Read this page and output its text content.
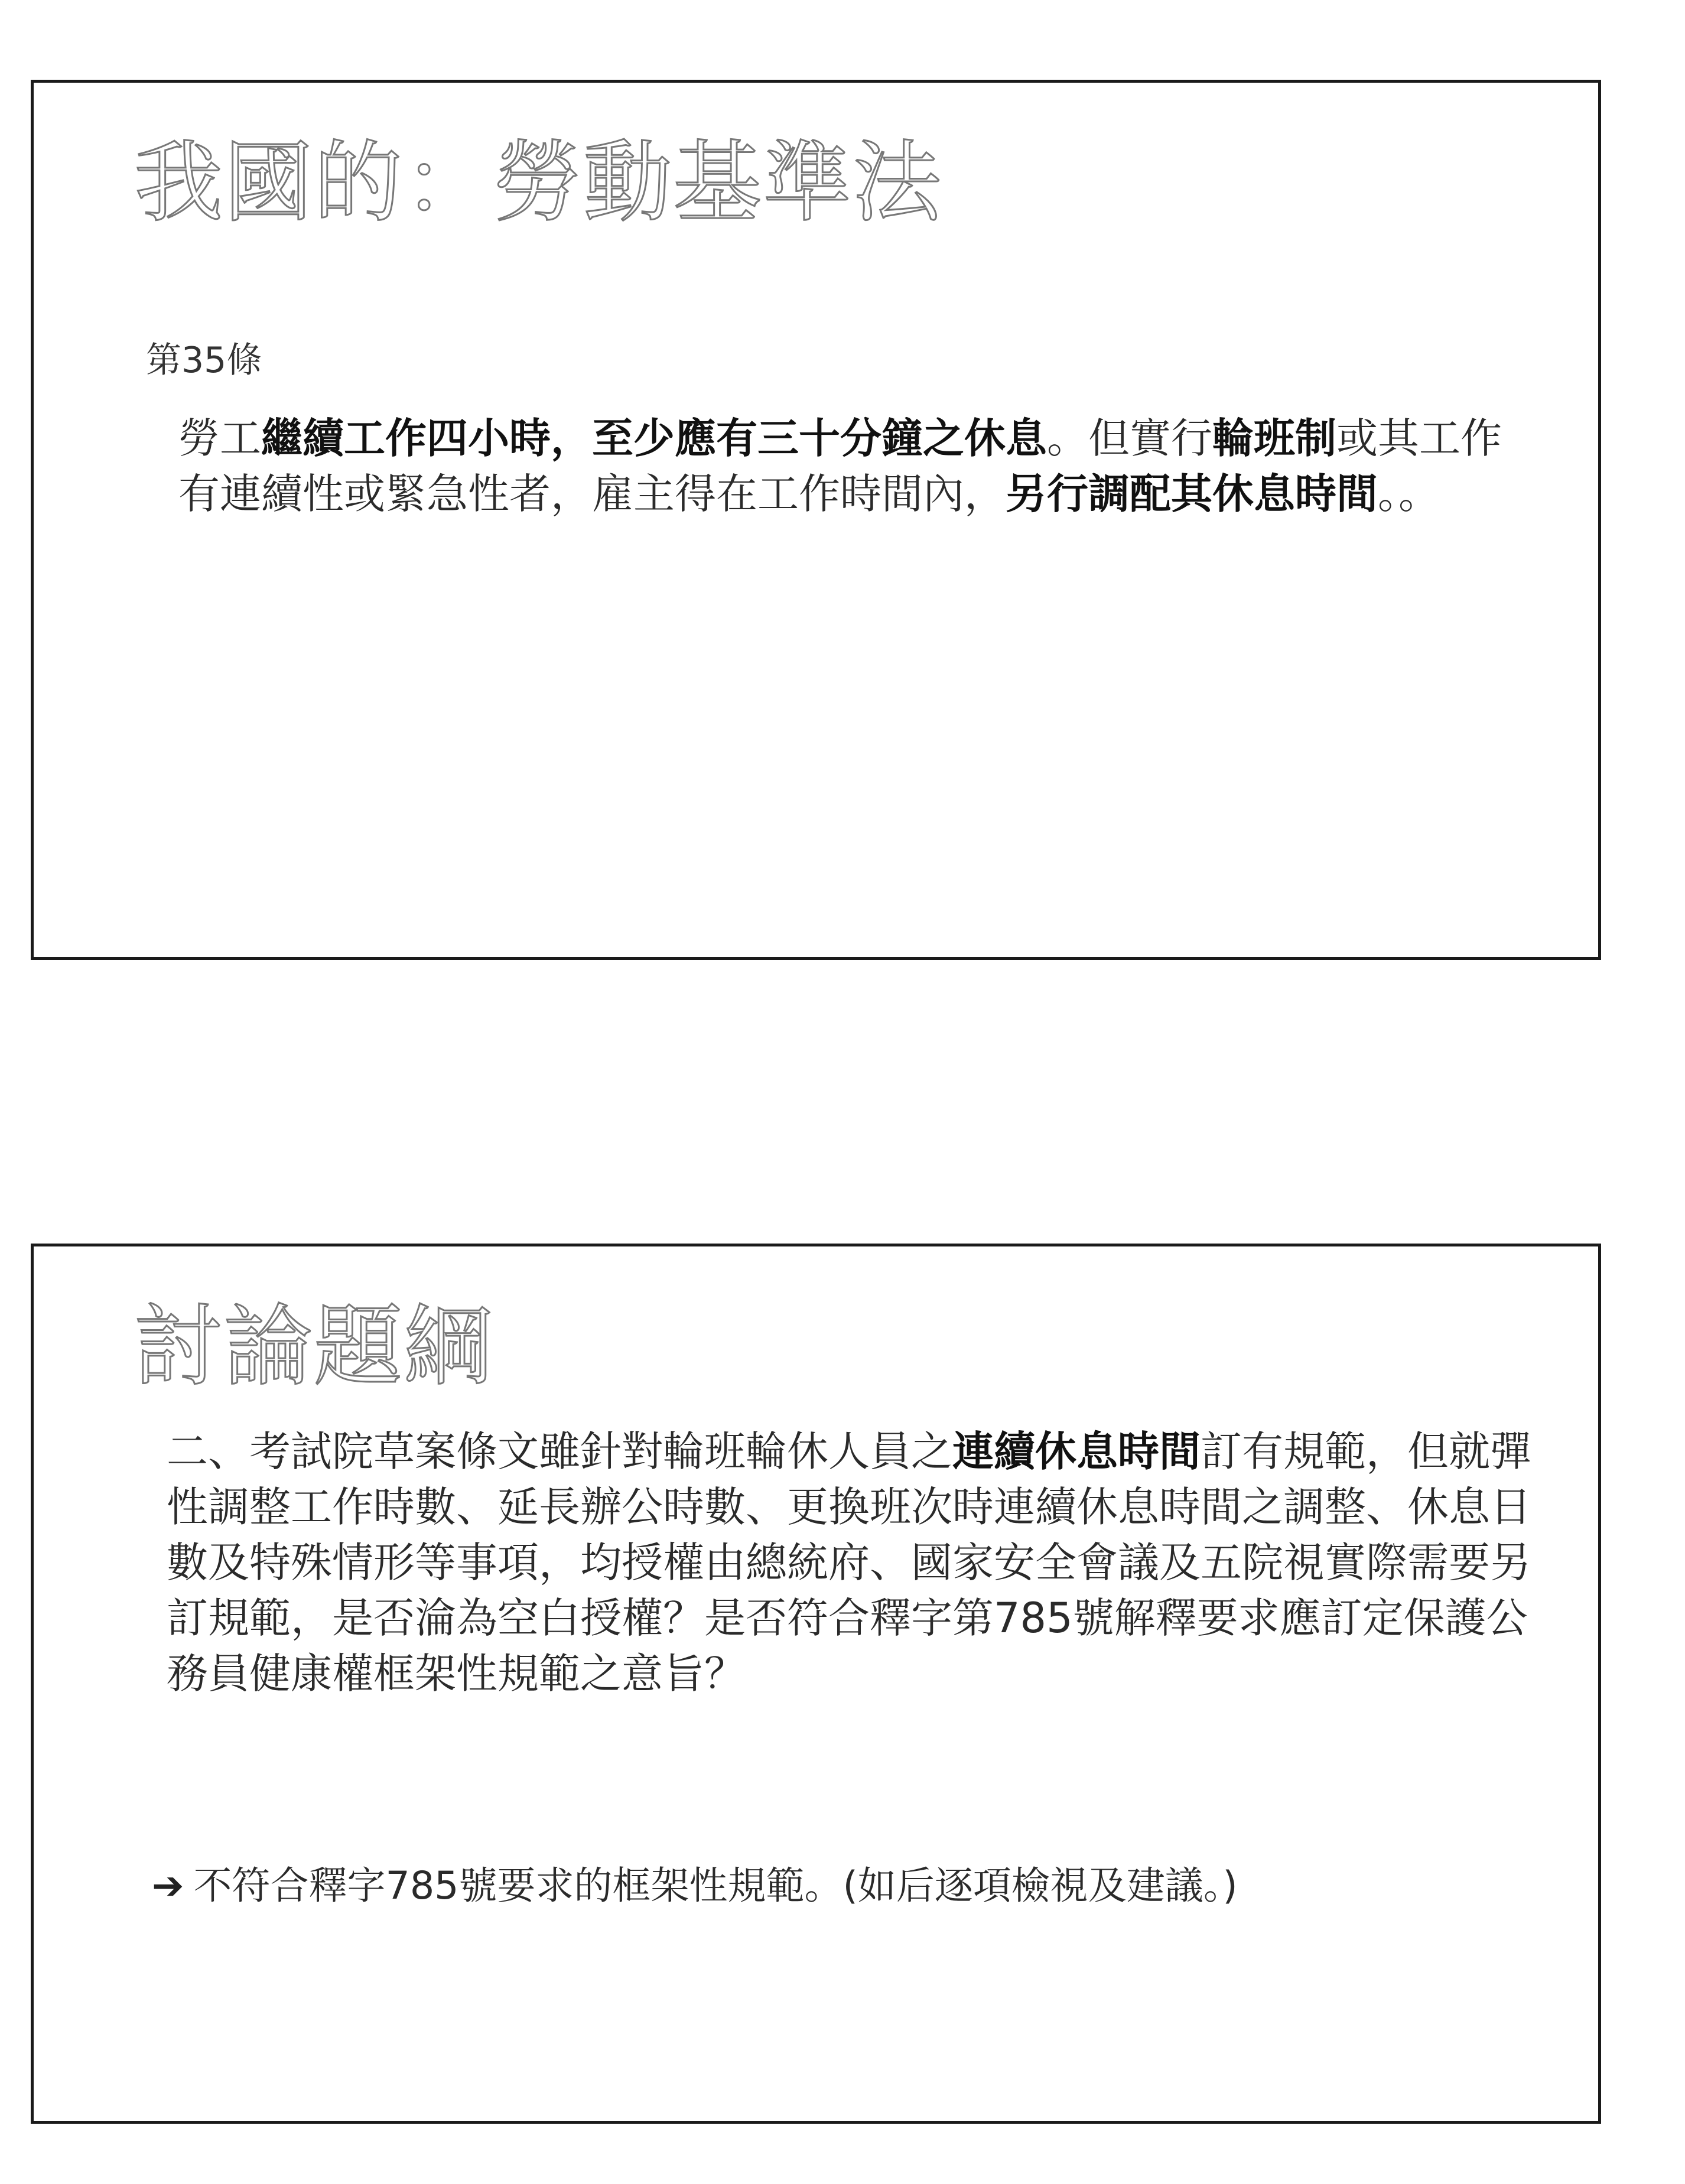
我國的：勞動基準法
第35條

勞工繼續工作四小時，至少應有三十分鐘之休息。但實行輪班制或其工作有連續性或緊急性者，雇主得在工作時間內，另行調配其休息時間。。

討論題綱

二、考試院草案條文雖針對輪班輪休人員之連續休息時間訂有規範，但就彈性調整工作時數、延長辦公時數、更換班次時連續休息時間之調整、休息日數及特殊情形等事項，均授權由總統府、國家安全會議及五院視實際需要另訂規範，是否淪為空白授權？是否符合釋字第785號解釋要求應訂定保護公務員健康權框架性規範之意旨？

➔ 不符合釋字785號要求的框架性規範。(如后逐項檢視及建議。)
